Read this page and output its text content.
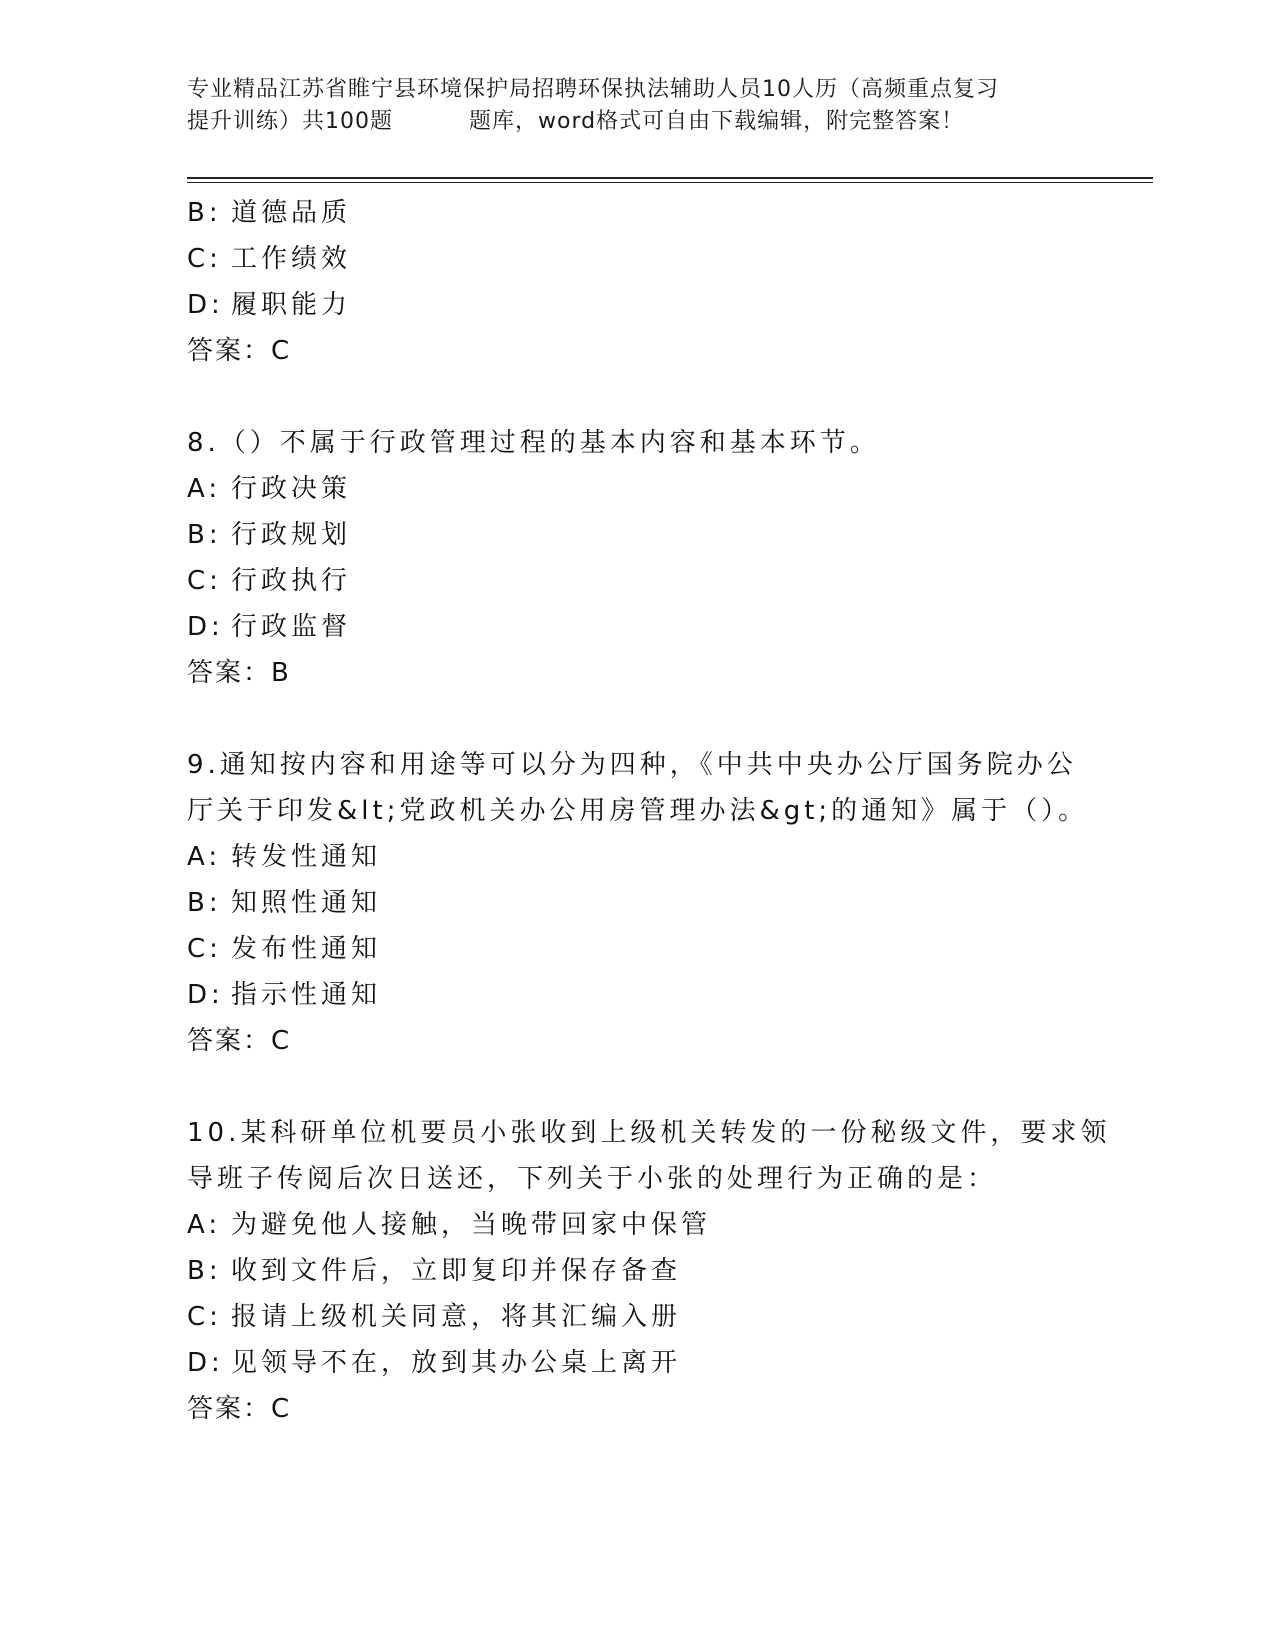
专业精品江苏省睢宁县环境保护局招聘环保执法辅助人员10人历（高频重点复习
提升训练）共100题	题库，word格式可自由下载编辑，附完整答案！
B: 道德品质
C: 工作绩效
D: 履职能力
答案：C
8.（）不属于行政管理过程的基本内容和基本环节。
A: 行政决策
B: 行政规划
C: 行政执行
D: 行政监督
答案：B
9.通知按内容和用途等可以分为四种，《中共中央办公厅国务院办公
厅关于印发&lt;党政机关办公用房管理办法&gt;的通知》属于（）。
A: 转发性通知
B: 知照性通知
C: 发布性通知
D: 指示性通知
答案：C
10.某科研单位机要员小张收到上级机关转发的一份秘级文件，要求领
导班子传阅后次日送还，下列关于小张的处理行为正确的是：
A: 为避免他人接触，当晚带回家中保管
B: 收到文件后，立即复印并保存备查
C: 报请上级机关同意，将其汇编入册
D: 见领导不在，放到其办公桌上离开
答案：C
